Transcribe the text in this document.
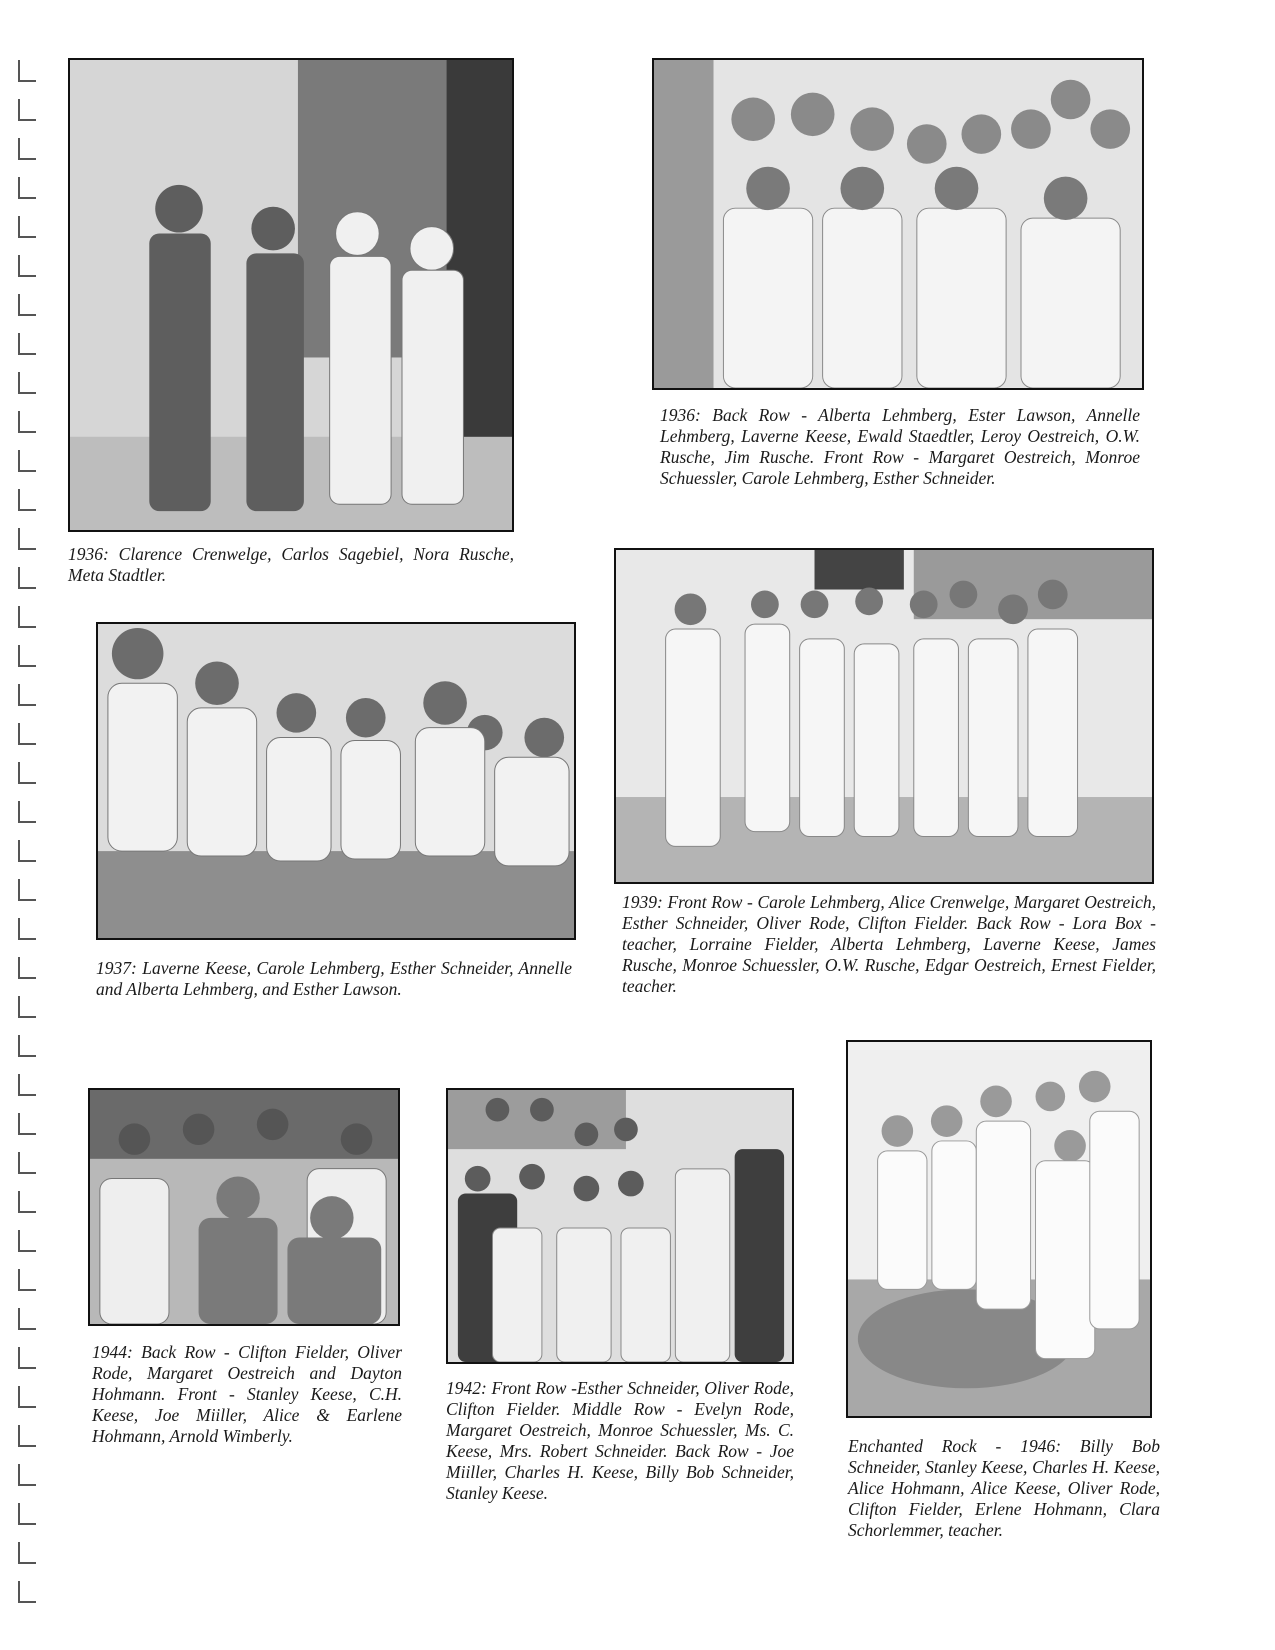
1936: Clarence Crenwelge, Carlos Sagebiel, Nora Rusche, Meta Stadtler.

1936: Back Row - Alberta Lehmberg, Ester Lawson, Annelle Lehmberg, Laverne Keese, Ewald Staedtler, Leroy Oestreich, O.W. Rusche, Jim Rusche. Front Row - Margaret Oestreich, Monroe Schuessler, Carole Lehmberg, Esther Schneider.

1937: Laverne Keese, Carole Lehmberg, Esther Schneider, Annelle and Alberta Lehmberg, and Esther Lawson.

1939: Front Row - Carole Lehmberg, Alice Crenwelge, Margaret Oestreich, Esther Schneider, Oliver Rode, Clifton Fielder. Back Row - Lora Box - teacher, Lorraine Fielder, Alberta Lehmberg, Laverne Keese, James Rusche, Monroe Schuessler, O.W. Rusche, Edgar Oestreich, Ernest Fielder, teacher.

1944: Back Row - Clifton Fielder, Oliver Rode, Margaret Oestreich and Dayton Hohmann. Front - Stanley Keese, C.H. Keese, Joe Miiller, Alice & Earlene Hohmann, Arnold Wimberly.

1942: Front Row -Esther Schneider, Oliver Rode, Clifton Fielder. Middle Row - Evelyn Rode, Margaret Oestreich, Monroe Schuessler, Ms. C. Keese, Mrs. Robert Schneider. Back Row - Joe Miiller, Charles H. Keese, Billy Bob Schneider, Stanley Keese.

Enchanted Rock - 1946: Billy Bob Schneider, Stanley Keese, Charles H. Keese, Alice Hohmann, Alice Keese, Oliver Rode, Clifton Fielder, Erlene Hohmann, Clara Schorlemmer, teacher.
